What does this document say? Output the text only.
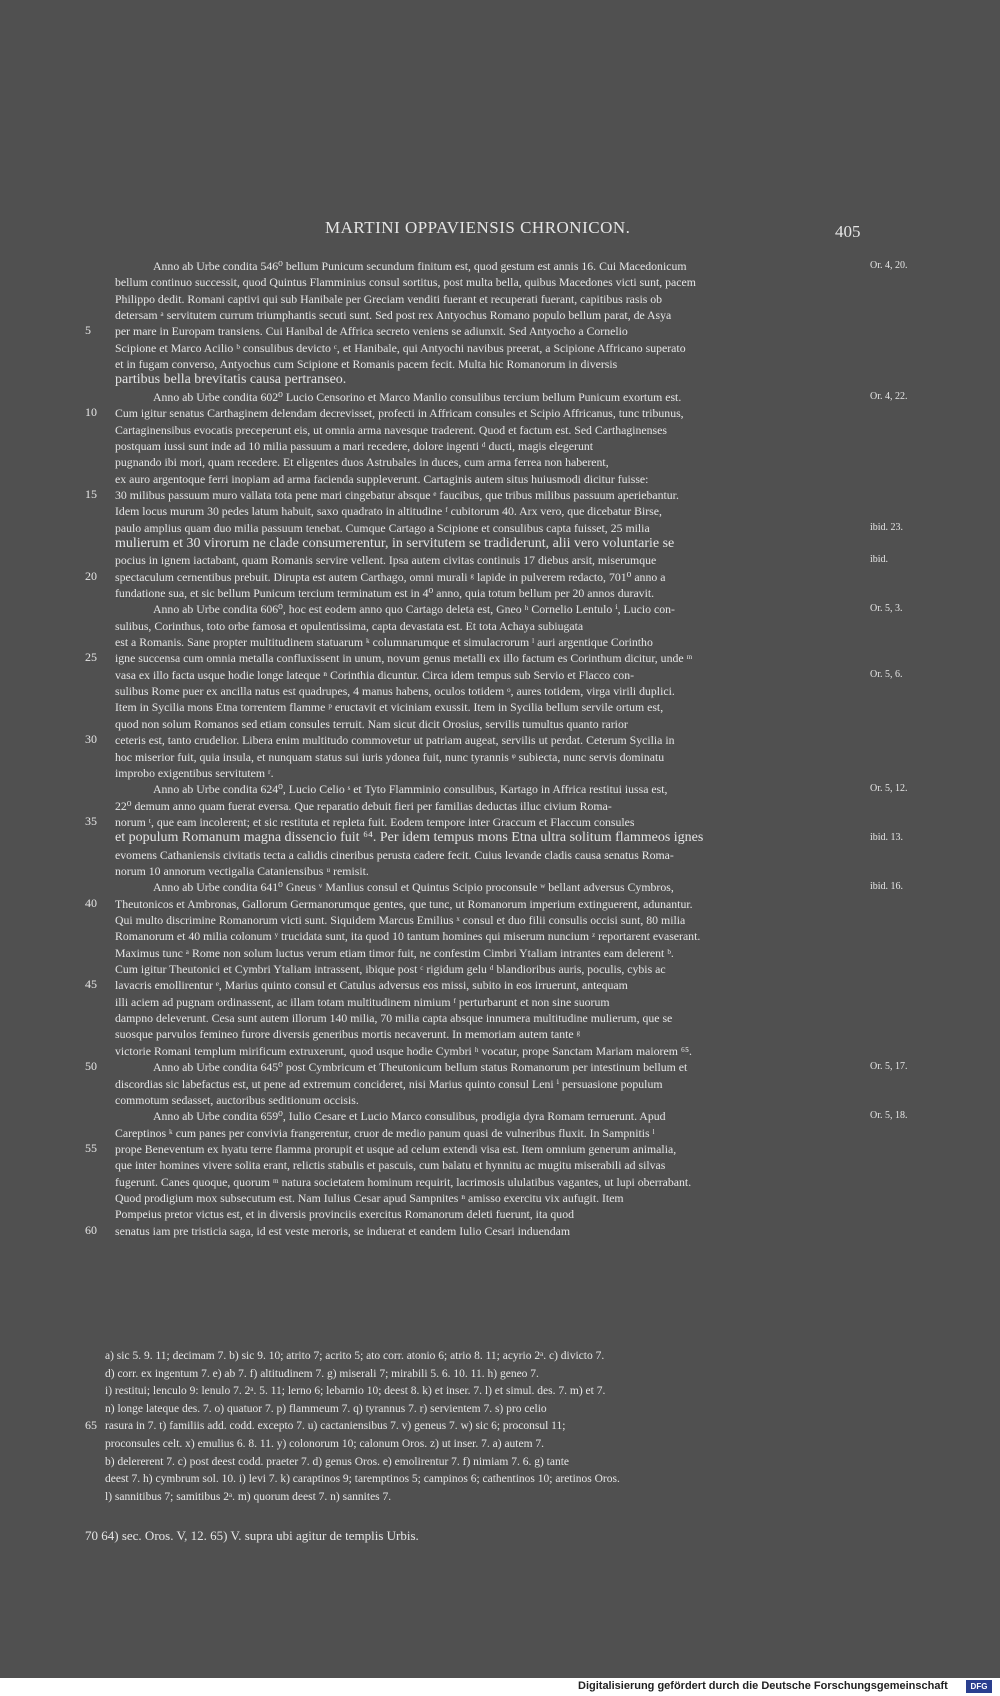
MARTINI OPPAVIENSIS CHRONICON.	405
Anno ab Urbe condita 546⁰ bellum Punicum secundum finitum est, quod gestum est annis 16. Cui Macedonicum
bellum continuo successit, quod Quintus Flamminius consul sortitus, post multa bella, quibus Macedones victi sunt, pacem
Philippo dedit. Romani captivi qui sub Hanibale per Greciam venditi fuerant et recuperati fuerant, capitibus rasis ob
detersam ᵃ servitutem currum triumphantis secuti sunt. Sed post rex Antyochus Romano populo bellum parat, de Asya
per mare in Europam transiens. Cui Hanibal de Affrica secreto veniens se adiunxit. Sed Antyocho a Cornelio
Scipione et Marco Acilio ᵇ consulibus devicto ᶜ, et Hanibale, qui Antyochi navibus preerat, a Scipione Affricano superato
et in fugam converso, Antyochus cum Scipione et Romanis pacem fecit. Multa hic Romanorum in diversis
partibus bella brevitatis causa pertranseo.
Anno ab Urbe condita 602⁰ Lucio Censorino et Marco Manlio consulibus tercium bellum Punicum exortum est.
Cum igitur senatus Carthaginem delendam decrevisset, profecti in Affricam consules et Scipio Affricanus, tunc tribunus,
Cartaginensibus evocatis preceperunt eis, ut omnia arma navesque traderent. Quod et factum est. Sed Carthaginenses
postquam iussi sunt inde ad 10 milia passuum a mari recedere, dolore ingenti ᵈ ducti, magis elegerunt
pugnando ibi mori, quam recedere. Et eligentes duos Astrubales in duces, cum arma ferrea non haberent,
ex auro argentoque ferri inopiam ad arma facienda suppleverunt. Cartaginis autem situs huiusmodi dicitur fuisse:
30 milibus passuum muro vallata tota pene mari cingebatur absque ᵉ faucibus, que tribus milibus passuum aperiebantur.
Idem locus murum 30 pedes latum habuit, saxo quadrato in altitudine ᶠ cubitorum 40. Arx vero, que dicebatur Birse,
paulo amplius quam duo milia passuum tenebat. Cumque Cartago a Scipione et consulibus capta fuisset, 25 milia
mulierum et 30 virorum ne clade consumerentur, in servitutem se tradiderunt, alii vero voluntarie se
pocius in ignem iactabant, quam Romanis servire vellent. Ipsa autem civitas continuis 17 diebus arsit, miserumque
spectaculum cernentibus prebuit. Dirupta est autem Carthago, omni murali ᵍ lapide in pulverem redacto, 701⁰ anno a
fundatione sua, et sic bellum Punicum tercium terminatum est in 4⁰ anno, quia totum bellum per 20 annos duravit.
Anno ab Urbe condita 606⁰, hoc est eodem anno quo Cartago deleta est, Gneo ʰ Cornelio Lentulo ⁱ, Lucio con-
sulibus, Corinthus, toto orbe famosa et opulentissima, capta devastata est. Et tota Achaya subiugata
est a Romanis. Sane propter multitudinem statuarum ᵏ columnarumque et simulacrorum ˡ auri argentique Corintho
igne succensa cum omnia metalla confluxissent in unum, novum genus metalli ex illo factum es Corinthum dicitur, unde ᵐ
vasa ex illo facta usque hodie longe lateque ⁿ Corinthia dicuntur. Circa idem tempus sub Servio et Flacco con-
sulibus Rome puer ex ancilla natus est quadrupes, 4 manus habens, oculos totidem ᵒ, aures totidem, virga virili duplici.
Item in Sycilia mons Etna torrentem flamme ᵖ eructavit et viciniam exussit. Item in Sycilia bellum servile ortum est,
quod non solum Romanos sed etiam consules terruit. Nam sicut dicit Orosius, servilis tumultus quanto rarior
ceteris est, tanto crudelior. Libera enim multitudo commovetur ut patriam augeat, servilis ut perdat. Ceterum Sycilia in
hoc miserior fuit, quia insula, et nunquam status sui iuris ydonea fuit, nunc tyrannis ᵠ subiecta, nunc servis dominatu
improbo exigentibus servitutem ʳ.
Anno ab Urbe condita 624⁰, Lucio Celio ˢ et Tyto Flamminio consulibus, Kartago in Affrica restitui iussa est,
22⁰ demum anno quam fuerat eversa. Que reparatio debuit fieri per familias deductas illuc civium Roma-
norum ᵗ, que eam incolerent; et sic restituta et repleta fuit. Eodem tempore inter Graccum et Flaccum consules
et populum Romanum magna dissencio fuit ⁶⁴. Per idem tempus mons Etna ultra solitum flammeos ignes
evomens Cathaniensis civitatis tecta a calidis cineribus perusta cadere fecit. Cuius levande cladis causa senatus Roma-
norum 10 annorum vectigalia Cataniensibus ᵘ remisit.
Anno ab Urbe condita 641⁰ Gneus ᵛ Manlius consul et Quintus Scipio proconsule ʷ bellant adversus Cymbros,
Theutonicos et Ambronas, Gallorum Germanorumque gentes, que tunc, ut Romanorum imperium extinguerent, adunantur.
Qui multo discrimine Romanorum victi sunt. Siquidem Marcus Emilius ˣ consul et duo filii consulis occisi sunt, 80 milia
Romanorum et 40 milia colonum ʸ trucidata sunt, ita quod 10 tantum homines qui miserum nuncium ᶻ reportarent evaserant.
Maximus tunc ᵃ Rome non solum luctus verum etiam timor fuit, ne confestim Cimbri Ytaliam intrantes eam delerent ᵇ.
Cum igitur Theutonici et Cymbri Ytaliam intrassent, ibique post ᶜ rigidum gelu ᵈ blandioribus auris, poculis, cybis ac
lavacris emollirentur ᵉ, Marius quinto consul et Catulus adversus eos missi, subito in eos irruerunt, antequam
illi aciem ad pugnam ordinassent, ac illam totam multitudinem nimium ᶠ perturbarunt et non sine suorum
dampno deleverunt. Cesa sunt autem illorum 140 milia, 70 milia capta absque innumera multitudine mulierum, que se
suosque parvulos femineo furore diversis generibus mortis necaverunt. In memoriam autem tante ᵍ
victorie Romani templum mirificum extruxerunt, quod usque hodie Cymbri ʰ vocatur, prope Sanctam Mariam maiorem ⁶⁵.
Anno ab Urbe condita 645⁰ post Cymbricum et Theutonicum bellum status Romanorum per intestinum bellum et
discordias sic labefactus est, ut pene ad extremum concideret, nisi Marius quinto consul Leni ⁱ persuasione populum
commotum sedasset, auctoribus seditionum occisis.
Anno ab Urbe condita 659⁰, Iulio Cesare et Lucio Marco consulibus, prodigia dyra Romam terruerunt. Apud
Careptinos ᵏ cum panes per convivia frangerentur, cruor de medio panum quasi de vulneribus fluxit. In Sampnitis ˡ
prope Beneventum ex hyatu terre flamma prorupit et usque ad celum extendi visa est. Item omnium generum animalia,
que inter homines vivere solita erant, relictis stabulis et pascuis, cum balatu et hynnitu ac mugitu miserabili ad silvas
fugerunt. Canes quoque, quorum ᵐ natura societatem hominum requirit, lacrimosis ululatibus vagantes, ut lupi oberrabant.
Quod prodigium mox subsecutum est. Nam Iulius Cesar apud Sampnites ⁿ amisso exercitu vix aufugit. Item
Pompeius pretor victus est, et in diversis provinciis exercitus Romanorum deleti fuerunt, ita quod
senatus iam pre tristicia saga, id est veste meroris, se induerat et eandem Iulio Cesari induendam
5
10
15
20
25
30
35
40
45
50
55
60
Or. 4, 20.
Or. 4, 22.
ibid. 23.
ibid.
Or. 5, 3.
Or. 5, 6.
Or. 5, 12.
ibid. 13.
ibid. 16.
Or. 5, 17.
Or. 5, 18.
a) sic 5. 9. 11; decimam 7. b) sic 9. 10; atrito 7; acrito 5; ato corr. atonio 6; atrio 8. 11; acyrio 2ᵃ. c) divicto 7.
d) corr. ex ingentum 7. e) ab 7. f) altitudinem 7. g) miserali 7; mirabili 5. 6. 10. 11. h) geneo 7.
i) restitui; lenculo 9: lenulo 7. 2ᵃ. 5. 11; lerno 6; lebarnio 10; deest 8. k) et inser. 7. l) et simul. des. 7. m) et 7.
n) longe lateque des. 7. o) quatuor 7. p) flammeum 7. q) tyrannus 7. r) servientem 7. s) pro celio
rasura in 7. t) familiis add. codd. excepto 7. u) cactaniensibus 7. v) geneus 7. w) sic 6; proconsul 11;
proconsules celt. x) emulius 6. 8. 11. y) colonorum 10; calonum Oros. z) ut inser. 7. a) autem 7.
b) delererent 7. c) post deest codd. praeter 7. d) genus Oros. e) emolirentur 7. f) nimiam 7. 6. g) tante
deest 7. h) cymbrum sol. 10. i) levi 7. k) caraptinos 9; taremptinos 5; campinos 6; cathentinos 10; aretinos Oros.
l) sannitibus 7; samitibus 2ᵃ. m) quorum deest 7. n) sannites 7.
65
70 64) sec. Oros. V, 12. 65) V. supra ubi agitur de templis Urbis.
Digitalisierung gefördert durch die Deutsche Forschungsgemeinschaft	DFG
